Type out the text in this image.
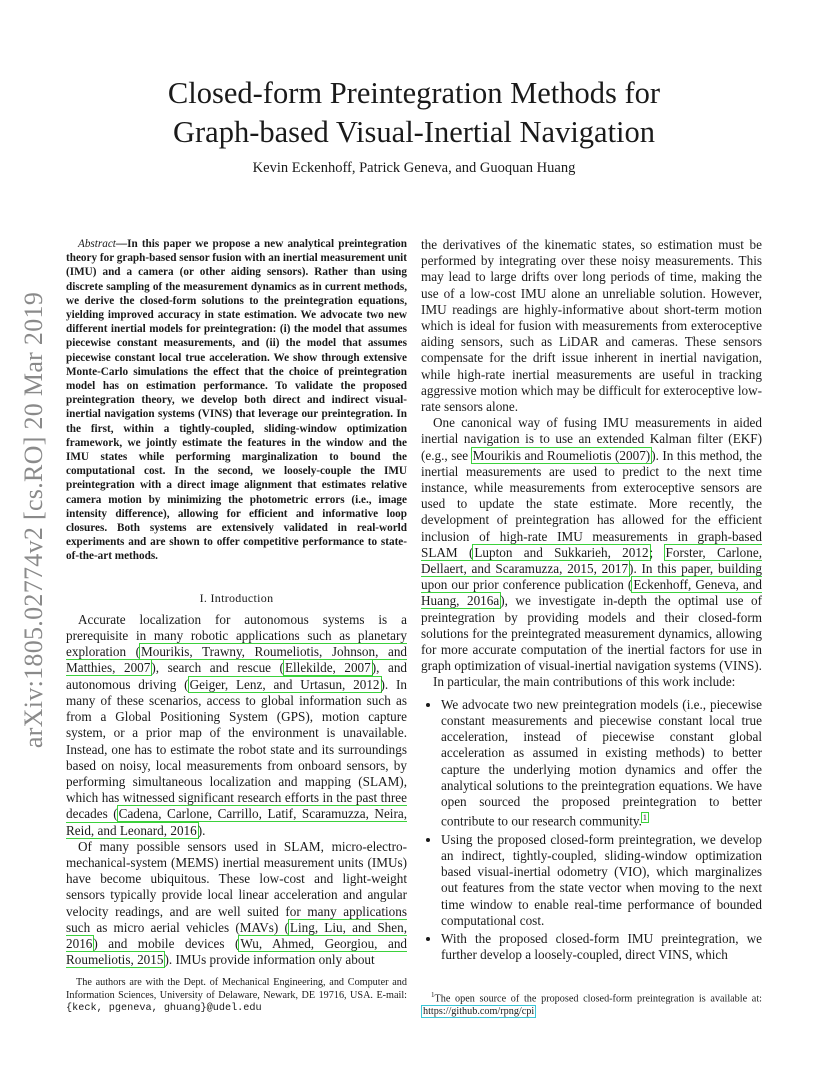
arXiv:1805.02774v2 [cs.RO] 20 Mar 2019
Closed-form Preintegration Methods for
Graph-based Visual-Inertial Navigation
Kevin Eckenhoff, Patrick Geneva, and Guoquan Huang

Abstract—In this paper we propose a new analytical preintegration theory for graph-based sensor fusion with an inertial measurement unit (IMU) and a camera (or other aiding sensors). Rather than using discrete sampling of the measurement dynamics as in current methods, we derive the closed-form solutions to the preintegration equations, yielding improved accuracy in state estimation. We advocate two new different inertial models for preintegration: (i) the model that assumes piecewise constant measurements, and (ii) the model that assumes piecewise constant local true acceleration. We show through extensive Monte-Carlo simulations the effect that the choice of preintegration model has on estimation performance. To validate the proposed preintegration theory, we develop both direct and indirect visual-inertial navigation systems (VINS) that leverage our preintegration. In the first, within a tightly-coupled, sliding-window optimization framework, we jointly estimate the features in the window and the IMU states while performing marginalization to bound the computational cost. In the second, we loosely-couple the IMU preintegration with a direct image alignment that estimates relative camera motion by minimizing the photometric errors (i.e., image intensity difference), allowing for efficient and informative loop closures. Both systems are extensively validated in real-world experiments and are shown to offer competitive performance to state-of-the-art methods.

I. Introduction

Accurate localization for autonomous systems is a prerequisite in many robotic applications such as planetary exploration (Mourikis, Trawny, Roumeliotis, Johnson, and Matthies, 2007), search and rescue (Ellekilde, 2007), and autonomous driving (Geiger, Lenz, and Urtasun, 2012). In many of these scenarios, access to global information such as from a Global Positioning System (GPS), motion capture system, or a prior map of the environment is unavailable. Instead, one has to estimate the robot state and its surroundings based on noisy, local measurements from onboard sensors, by performing simultaneous localization and mapping (SLAM), which has witnessed significant research efforts in the past three decades (Cadena, Carlone, Carrillo, Latif, Scaramuzza, Neira, Reid, and Leonard, 2016).

Of many possible sensors used in SLAM, micro-electro-mechanical-system (MEMS) inertial measurement units (IMUs) have become ubiquitous. These low-cost and light-weight sensors typically provide local linear acceleration and angular velocity readings, and are well suited for many applications such as micro aerial vehicles (MAVs) (Ling, Liu, and Shen, 2016) and mobile devices (Wu, Ahmed, Georgiou, and Roumeliotis, 2015). IMUs provide information only about

the derivatives of the kinematic states, so estimation must be performed by integrating over these noisy measurements. This may lead to large drifts over long periods of time, making the use of a low-cost IMU alone an unreliable solution. However, IMU readings are highly-informative about short-term motion which is ideal for fusion with measurements from exteroceptive aiding sensors, such as LiDAR and cameras. These sensors compensate for the drift issue inherent in inertial navigation, while high-rate inertial measurements are useful in tracking aggressive motion which may be difficult for exteroceptive low-rate sensors alone.

One canonical way of fusing IMU measurements in aided inertial navigation is to use an extended Kalman filter (EKF) (e.g., see Mourikis and Roumeliotis (2007)). In this method, the inertial measurements are used to predict to the next time instance, while measurements from exteroceptive sensors are used to update the state estimate. More recently, the development of preintegration has allowed for the efficient inclusion of high-rate IMU measurements in graph-based SLAM (Lupton and Sukkarieh, 2012; Forster, Carlone, Dellaert, and Scaramuzza, 2015, 2017). In this paper, building upon our prior conference publication (Eckenhoff, Geneva, and Huang, 2016a), we investigate in-depth the optimal use of preintegration by providing models and their closed-form solutions for the preintegrated measurement dynamics, allowing for more accurate computation of the inertial factors for use in graph optimization of visual-inertial navigation systems (VINS).

In particular, the main contributions of this work include:

• We advocate two new preintegration models (i.e., piecewise constant measurements and piecewise constant local true acceleration, instead of piecewise constant global acceleration as assumed in existing methods) to better capture the underlying motion dynamics and offer the analytical solutions to the preintegration equations. We have open sourced the proposed preintegration to better contribute to our research community.$^1$
• Using the proposed closed-form preintegration, we develop an indirect, tightly-coupled, sliding-window optimization based visual-inertial odometry (VIO), which marginalizes out features from the state vector when moving to the next time window to enable real-time performance of bounded computational cost.
• With the proposed closed-form IMU preintegration, we further develop a loosely-coupled, direct VINS, which
The authors are with the Dept. of Mechanical Engineering, and Computer and Information Sciences, University of Delaware, Newark, DE 19716, USA. E-mail:{keck, pgeneva, ghuang}@udel.edu
$^1$The open source of the proposed closed-form preintegration is available at: https://github.com/rpng/cpi
